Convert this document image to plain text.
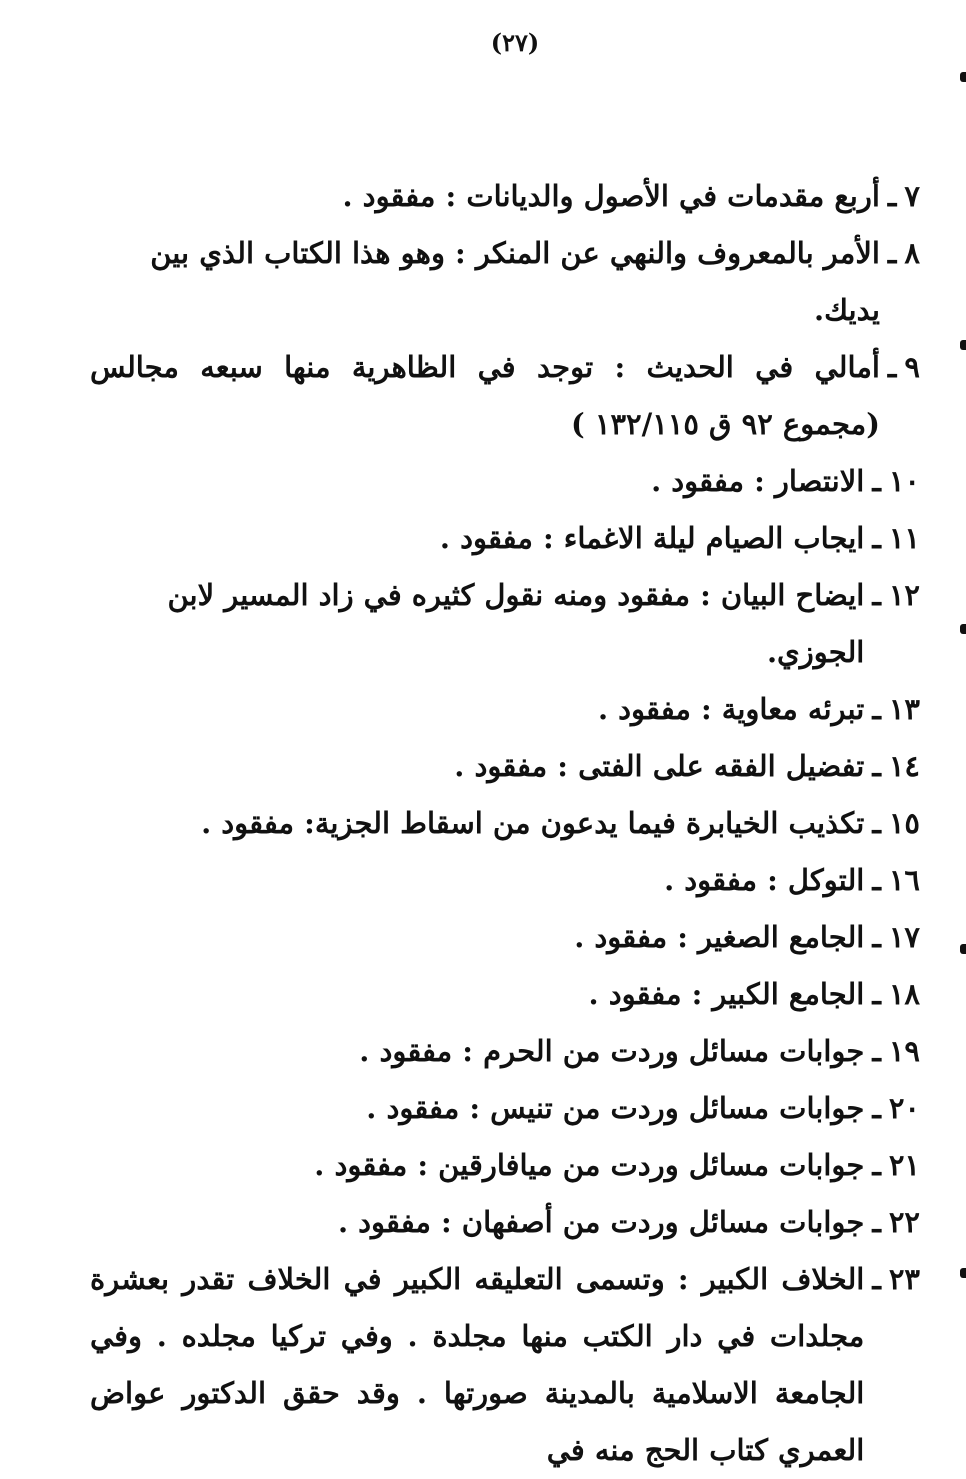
(٢٧)
٧
ـ
أربع مقدمات في الأصول والديانات : مفقود .
٨
ـ
الأمر بالمعروف والنهي عن المنكر : وهو هذا الكتاب الذي بين يديك.
٩
ـ
أمالي في الحديث : توجد في الظاهرية منها سبعه مجالس (مجموع ٩٢ ق ١٣٢/١١٥ )
١٠
ـ
الانتصار : مفقود .
١١
ـ
ايجاب الصيام ليلة الاغماء : مفقود .
١٢
ـ
ايضاح البيان : مفقود ومنه نقول كثيره في زاد المسير لابن الجوزي.
١٣
ـ
تبرئه معاوية : مفقود .
١٤
ـ
تفضيل الفقه على الفتى : مفقود .
١٥
ـ
تكذيب الخيابرة فيما يدعون من اسقاط الجزية: مفقود .
١٦
ـ
التوكل : مفقود .
١٧
ـ
الجامع الصغير : مفقود .
١٨
ـ
الجامع الكبير : مفقود .
١٩
ـ
جوابات مسائل وردت من الحرم : مفقود .
٢٠
ـ
جوابات مسائل وردت من تنيس : مفقود .
٢١
ـ
جوابات مسائل وردت من ميافارقين : مفقود .
٢٢
ـ
جوابات مسائل وردت من أصفهان : مفقود .
٢٣
ـ
الخلاف الكبير : وتسمى التعليقه الكبير في الخلاف تقدر بعشرة مجلدات في دار الكتب منها مجلدة . وفي تركيا مجلده . وفي الجامعة الاسلامية بالمدينة صورتها . وقد حقق الدكتور عواض العمري كتاب الحج منه في
